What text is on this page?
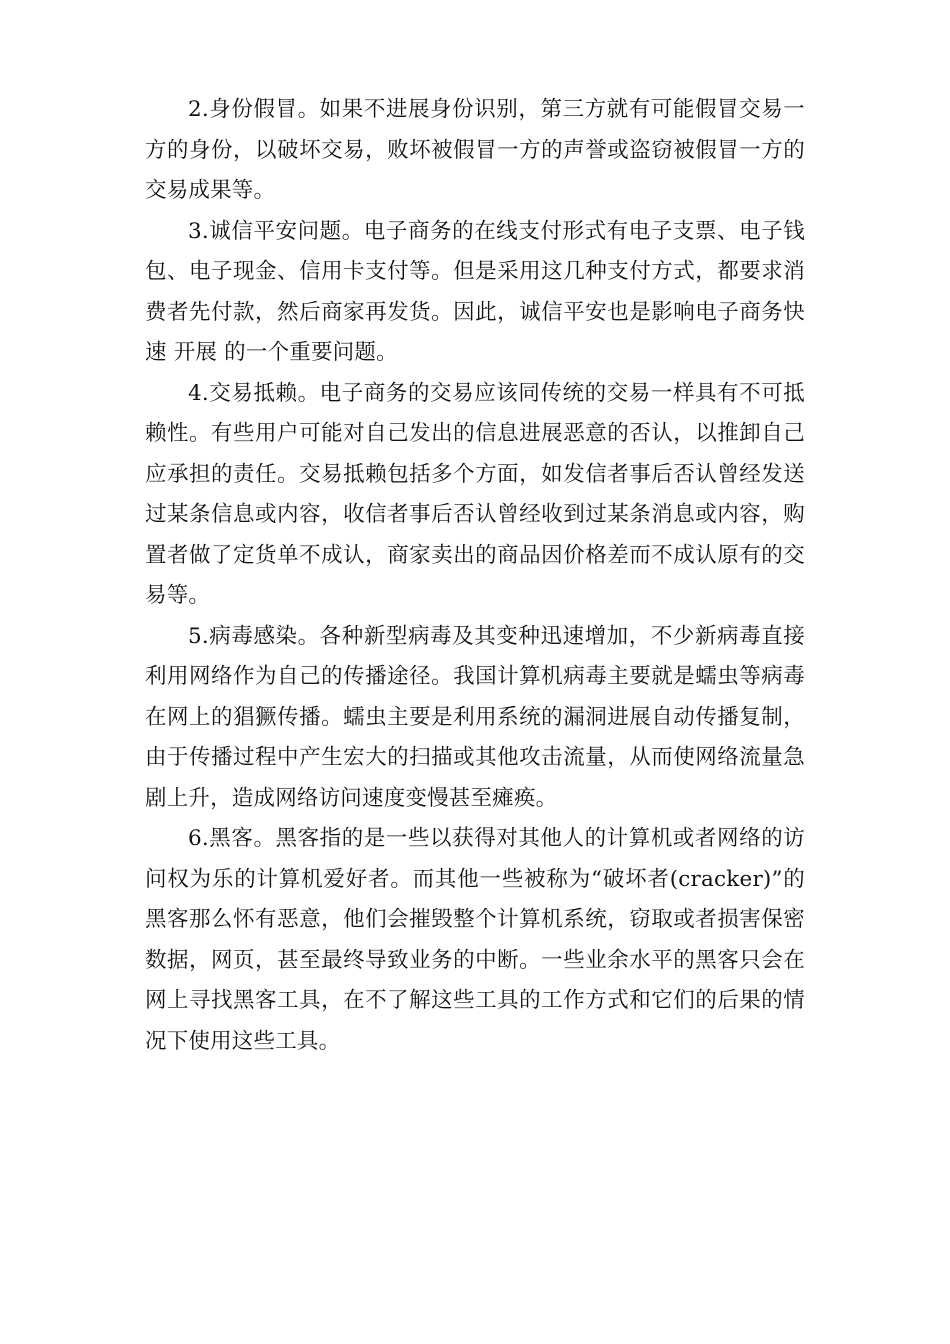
2.身份假冒。如果不进展身份识别，第三方就有可能假冒交易一方的身份，以破坏交易，败坏被假冒一方的声誉或盗窃被假冒一方的交易成果等。

3.诚信平安问题。电子商务的在线支付形式有电子支票、电子钱包、电子现金、信用卡支付等。但是采用这几种支付方式，都要求消费者先付款，然后商家再发货。因此，诚信平安也是影响电子商务快速 开展 的一个重要问题。

4.交易抵赖。电子商务的交易应该同传统的交易一样具有不可抵赖性。有些用户可能对自己发出的信息进展恶意的否认，以推卸自己应承担的责任。交易抵赖包括多个方面，如发信者事后否认曾经发送过某条信息或内容，收信者事后否认曾经收到过某条消息或内容，购置者做了定货单不成认，商家卖出的商品因价格差而不成认原有的交易等。

5.病毒感染。各种新型病毒及其变种迅速增加，不少新病毒直接利用网络作为自己的传播途径。我国计算机病毒主要就是蠕虫等病毒在网上的猖獗传播。蠕虫主要是利用系统的漏洞进展自动传播复制，由于传播过程中产生宏大的扫描或其他攻击流量，从而使网络流量急剧上升，造成网络访问速度变慢甚至瘫痪。

6.黑客。黑客指的是一些以获得对其他人的计算机或者网络的访问权为乐的计算机爱好者。而其他一些被称为“破坏者(cracker)”的黑客那么怀有恶意，他们会摧毁整个计算机系统，窃取或者损害保密数据，网页，甚至最终导致业务的中断。一些业余水平的黑客只会在网上寻找黑客工具，在不了解这些工具的工作方式和它们的后果的情况下使用这些工具。
